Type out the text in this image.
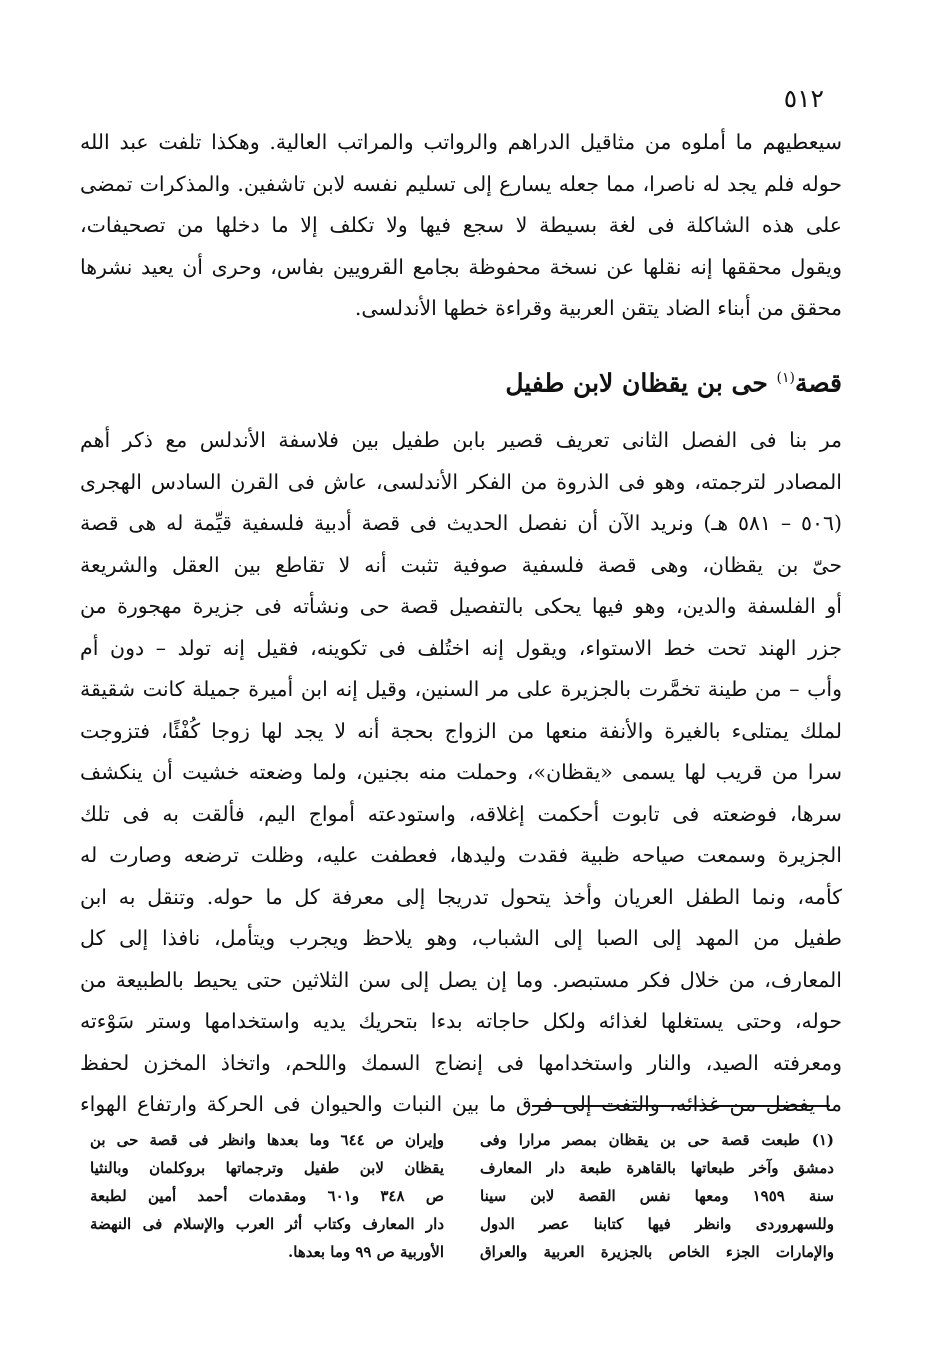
٥١٢
سيعطيهم ما أملوه من مثاقيل الدراهم والرواتب والمراتب العالية. وهكذا تلفت عبد الله
حوله فلم يجد له ناصرا، مما جعله يسارع إلى تسليم نفسه لابن تاشفين. والمذكرات تمضى
على هذه الشاكلة فى لغة بسيطة لا سجع فيها ولا تكلف إلا ما دخلها من تصحيفات،
ويقول محققها إنه نقلها عن نسخة محفوظة بجامع القرويين بفاس، وحرى أن يعيد نشرها
محقق من أبناء الضاد يتقن العربية وقراءة خطها الأندلسى.
قصة$^{(١)}$ حى بن يقظان لابن طفيل
مر بنا فى الفصل الثانى تعريف قصير بابن طفيل بين فلاسفة الأندلس مع ذكر أهم
المصادر لترجمته، وهو فى الذروة من الفكر الأندلسى، عاش فى القرن السادس الهجرى
(٥٠٦ – ٥٨١ هـ) ونريد الآن أن نفصل الحديث فى قصة أدبية فلسفية قيِّمة له هى قصة
حىّ بن يقظان، وهى قصة فلسفية صوفية تثبت أنه لا تقاطع بين العقل والشريعة
أو الفلسفة والدين، وهو فيها يحكى بالتفصيل قصة حى ونشأته فى جزيرة مهجورة من
جزر الهند تحت خط الاستواء، ويقول إنه اختُلف فى تكوينه، فقيل إنه تولد – دون أم
وأب – من طينة تخمَّرت بالجزيرة على مر السنين، وقيل إنه ابن أميرة جميلة كانت شقيقة
لملك يمتلىء بالغيرة والأنفة منعها من الزواج بحجة أنه لا يجد لها زوجا كُفْئًا، فتزوجت
سرا من قريب لها يسمى «يقظان»، وحملت منه بجنين، ولما وضعته خشيت أن ينكشف
سرها، فوضعته فى تابوت أحكمت إغلاقه، واستودعته أمواج اليم، فألقت به فى تلك
الجزيرة وسمعت صياحه ظبية فقدت وليدها، فعطفت عليه، وظلت ترضعه وصارت له
كأمه، ونما الطفل العريان وأخذ يتحول تدريجا إلى معرفة كل ما حوله. وتنقل به ابن
طفيل من المهد إلى الصبا إلى الشباب، وهو يلاحظ ويجرب ويتأمل، نافذا إلى كل
المعارف، من خلال فكر مستبصر. وما إن يصل إلى سن الثلاثين حتى يحيط بالطبيعة من
حوله، وحتى يستغلها لغذائه ولكل حاجاته بدءا بتحريك يديه واستخدامها وستر سَوْءته
ومعرفته الصيد، والنار واستخدامها فى إنضاج السمك واللحم، واتخاذ المخزن لحفظ
ما يفضل من غذائه، والتفت إلى فرق ما بين النبات والحيوان فى الحركة وارتفاع الهواء
(١) طبعت قصة حى بن يقظان بمصر مرارا وفى
دمشق وآخر طبعاتها بالقاهرة طبعة دار المعارف
سنة ١٩٥٩ ومعها نفس القصة لابن سينا
وللسهروردى وانظر فيها كتابنا عصر الدول
والإمارات الجزء الخاص بالجزيرة العربية والعراق
وإيران ص ٦٤٤ وما بعدها وانظر فى قصة حى بن
يقظان لابن طفيل وترجماتها بروكلمان وبالنثيا
ص ٣٤٨ و٦٠١ ومقدمات أحمد أمين لطبعة
دار المعارف وكتاب أثر العرب والإسلام فى النهضة
الأوربية ص ٩٩ وما بعدها.
